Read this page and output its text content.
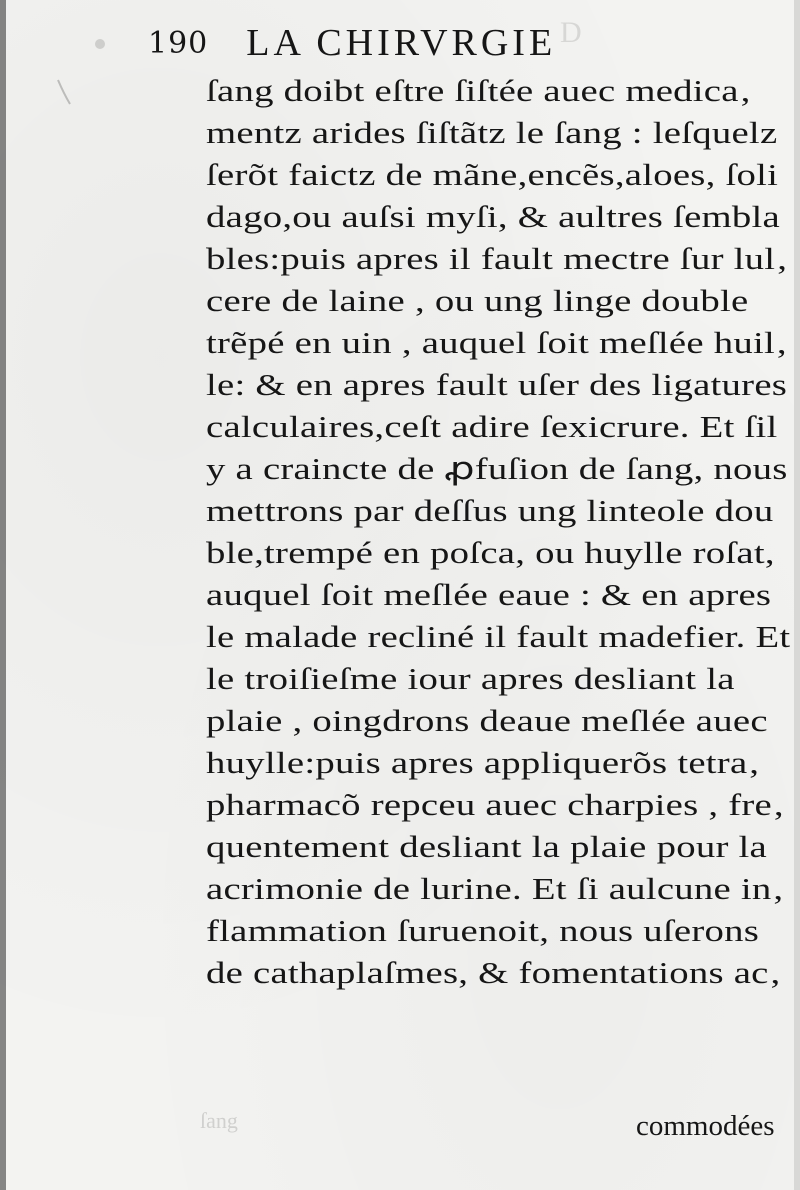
D
ſang
190 LA CHIRVRGIE
ſang doibt eſtre ſiſtée auec medica‚
mentz arides ſiſtãtz le ſang : leſquelz
ſerõt faictz de mãne,encẽs,aloes, ſoli
dago,ou auſsi myſi, & aultres ſembla
bles:puis apres il fault mectre ſur lul‚
cere de laine , ou ung linge double
trẽpé en uin , auquel ſoit meſlée huil‚
le: & en apres fault uſer des ligatures
calculaires,ceſt adire ſexicrure. Et ſil
y a craincte de ꝓfuſion de ſang, nous
mettrons par deſſus ung linteole dou
ble,trempé en poſca, ou huylle roſat,
auquel ſoit meſlée eaue : & en apres
le malade recliné il fault madefier. Et
le troiſieſme iour apres desliant la
plaie , oingdrons deaue meſlée auec
huylle:puis apres appliquerõs tetra‚
pharmacõ repceu auec charpies , fre‚
quentement desliant la plaie pour la
acrimonie de lurine. Et ſi aulcune in‚
flammation ſuruenoit, nous uſerons
de cathaplaſmes, & fomentations ac‚
commodées
